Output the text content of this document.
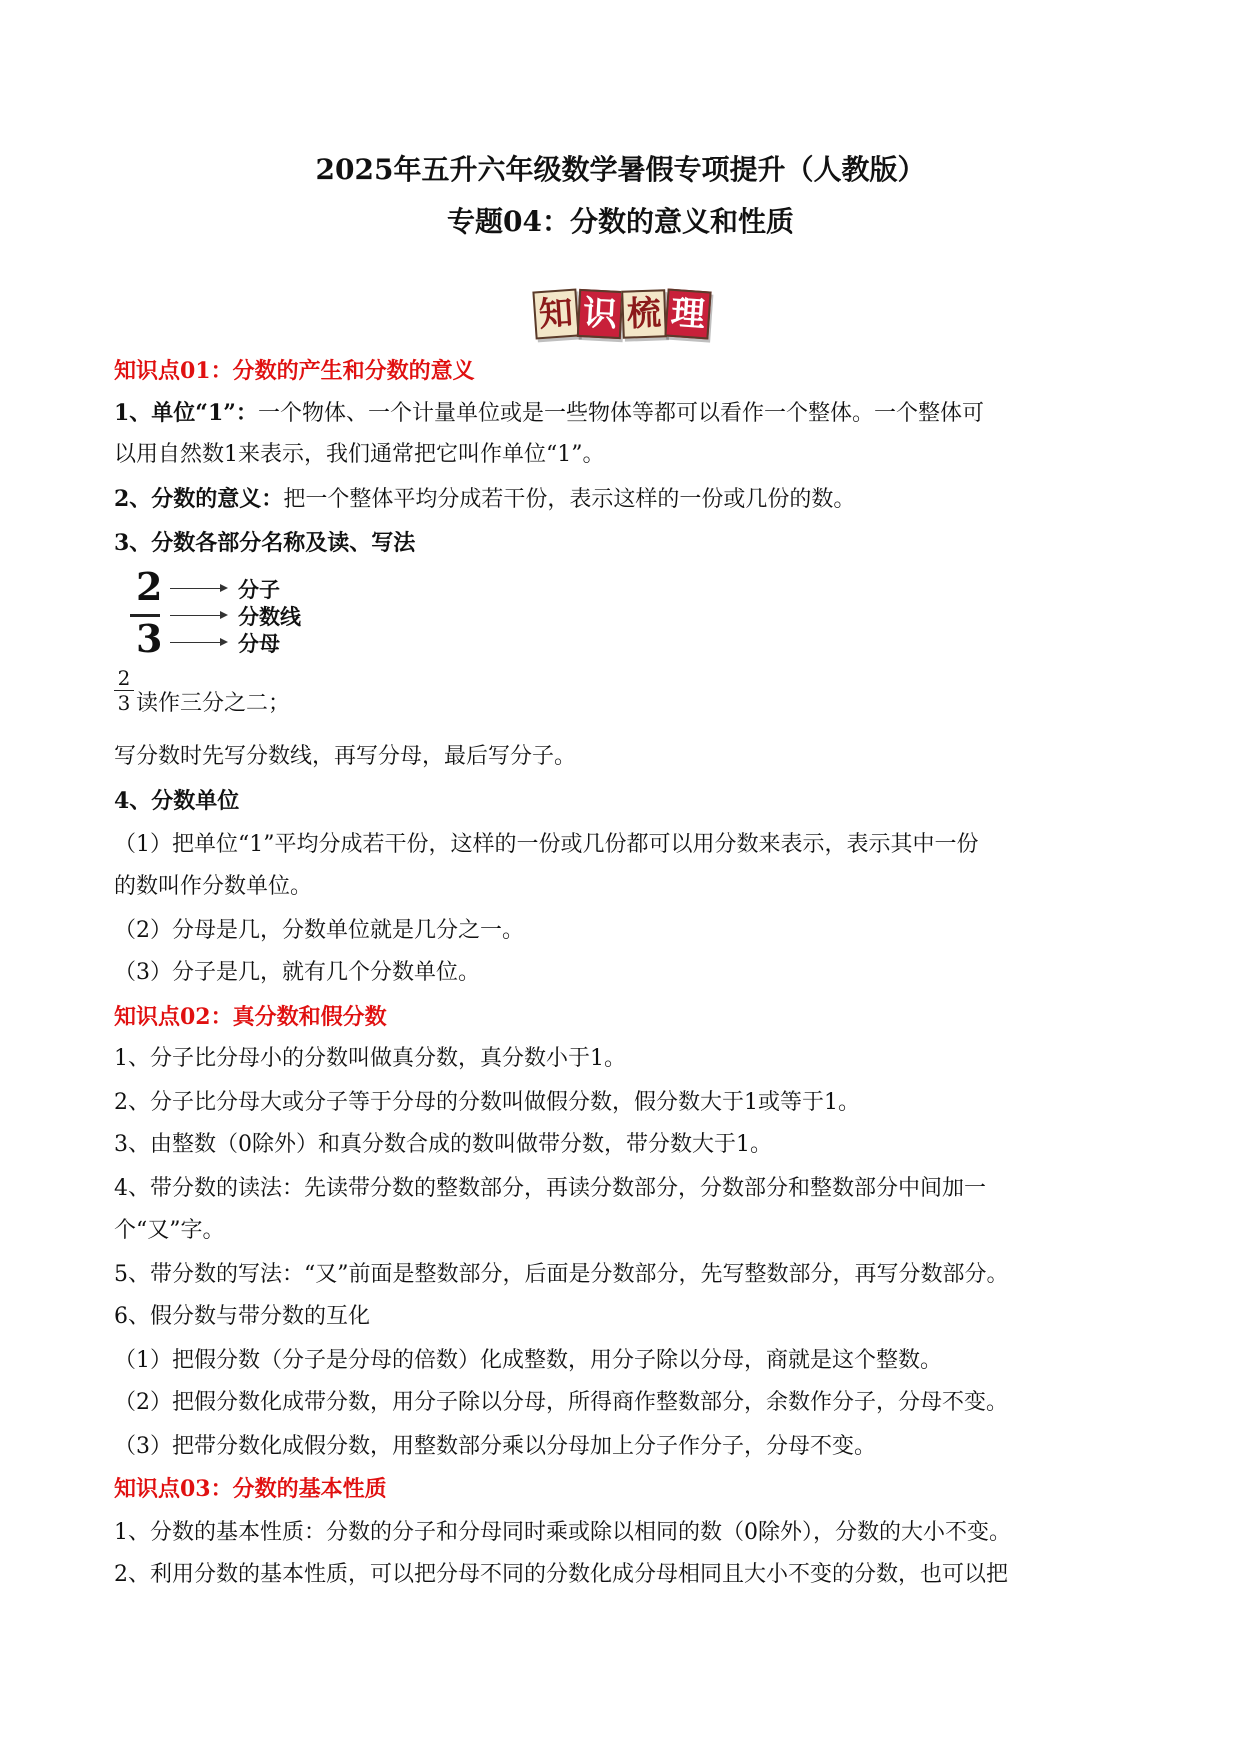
2025年五升六年级数学暑假专项提升（人教版）
专题04：分数的意义和性质
知 识 梳 理
知识点01：分数的产生和分数的意义
1、单位“1”：一个物体、一个计量单位或是一些物体等都可以看作一个整体。一个整体可
以用自然数1来表示，我们通常把它叫作单位“1”。
2、分数的意义：把一个整体平均分成若干份，表示这样的一份或几份的数。
3、分数各部分名称及读、写法
2
3
分子
分数线
分母
2
3 读作三分之二；
写分数时先写分数线，再写分母，最后写分子。
4、分数单位
（1）把单位“1”平均分成若干份，这样的一份或几份都可以用分数来表示，表示其中一份
的数叫作分数单位。
（2）分母是几，分数单位就是几分之一。
（3）分子是几，就有几个分数单位。
知识点02：真分数和假分数
1、分子比分母小的分数叫做真分数，真分数小于1。
2、分子比分母大或分子等于分母的分数叫做假分数，假分数大于1或等于1。
3、由整数（0除外）和真分数合成的数叫做带分数，带分数大于1。
4、带分数的读法：先读带分数的整数部分，再读分数部分，分数部分和整数部分中间加一
个“又”字。
5、带分数的写法：“又”前面是整数部分，后面是分数部分，先写整数部分，再写分数部分。
6、假分数与带分数的互化
（1）把假分数（分子是分母的倍数）化成整数，用分子除以分母，商就是这个整数。
（2）把假分数化成带分数，用分子除以分母，所得商作整数部分，余数作分子，分母不变。
（3）把带分数化成假分数，用整数部分乘以分母加上分子作分子，分母不变。
知识点03：分数的基本性质
1、分数的基本性质：分数的分子和分母同时乘或除以相同的数（0除外），分数的大小不变。
2、利用分数的基本性质，可以把分母不同的分数化成分母相同且大小不变的分数，也可以把
